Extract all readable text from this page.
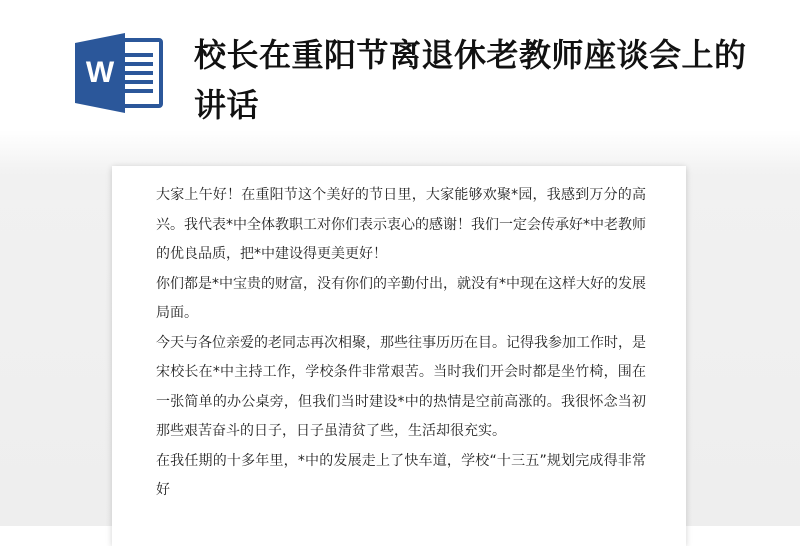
W 校长在重阳节离退休老教师座谈会上的讲话

大家上午好！在重阳节这个美好的节日里，大家能够欢聚*园，我感到万分的高兴。我代表*中全体教职工对你们表示衷心的感谢！我们一定会传承好*中老教师的优良品质，把*中建设得更美更好！

你们都是*中宝贵的财富，没有你们的辛勤付出，就没有*中现在这样大好的发展局面。

今天与各位亲爱的老同志再次相聚，那些往事历历在目。记得我参加工作时，是宋校长在*中主持工作，学校条件非常艰苦。当时我们开会时都是坐竹椅，围在一张简单的办公桌旁，但我们当时建设*中的热情是空前高涨的。我很怀念当初那些艰苦奋斗的日子，日子虽清贫了些，生活却很充实。

在我任期的十多年里，*中的发展走上了快车道，学校“十三五”规划完成得非常好
